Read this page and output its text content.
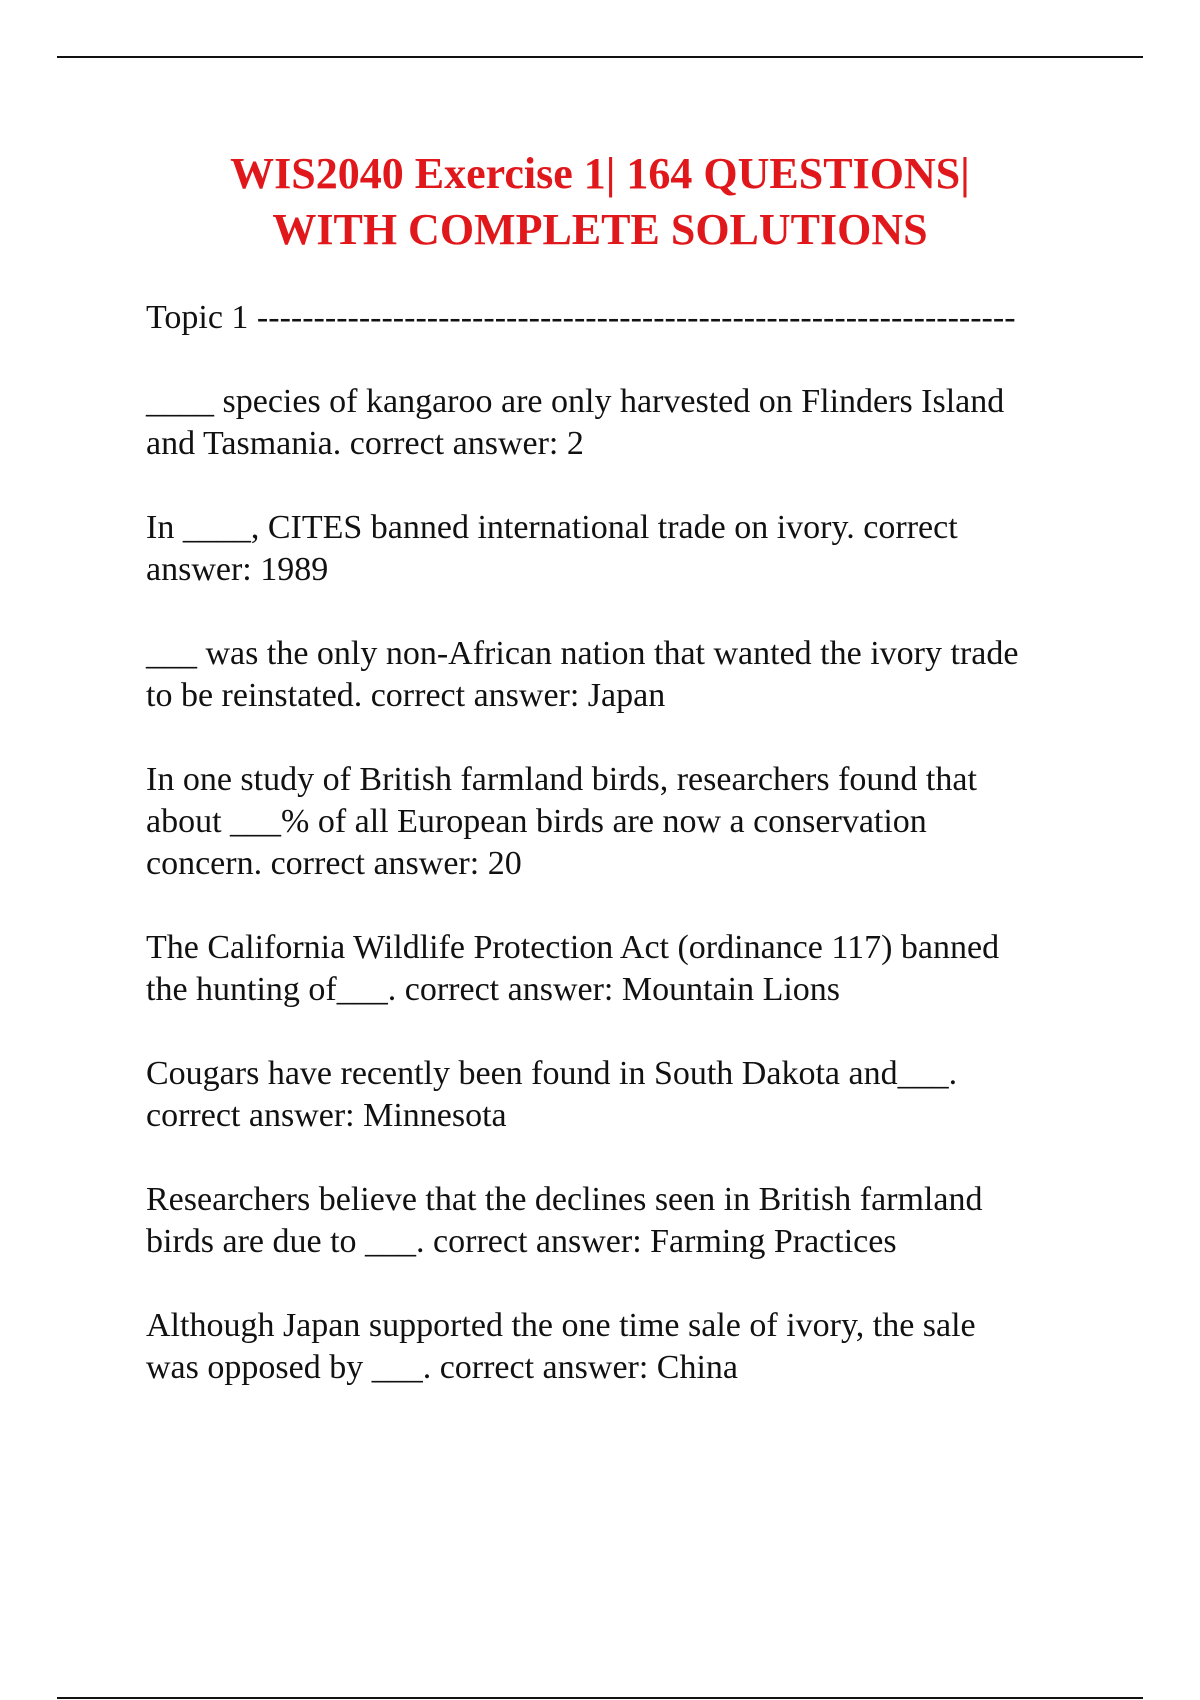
WIS2040 Exercise 1| 164 QUESTIONS|
WITH COMPLETE SOLUTIONS
Topic 1 -------------------------------------------------------------------
____ species of kangaroo are only harvested on Flinders Island
and Tasmania. correct answer: 2
In ____, CITES banned international trade on ivory. correct
answer: 1989
___ was the only non-African nation that wanted the ivory trade
to be reinstated. correct answer: Japan
In one study of British farmland birds, researchers found that
about ___% of all European birds are now a conservation
concern. correct answer: 20
The California Wildlife Protection Act (ordinance 117) banned
the hunting of___. correct answer: Mountain Lions
Cougars have recently been found in South Dakota and___.
correct answer: Minnesota
Researchers believe that the declines seen in British farmland
birds are due to ___. correct answer: Farming Practices
Although Japan supported the one time sale of ivory, the sale
was opposed by ___. correct answer: China
